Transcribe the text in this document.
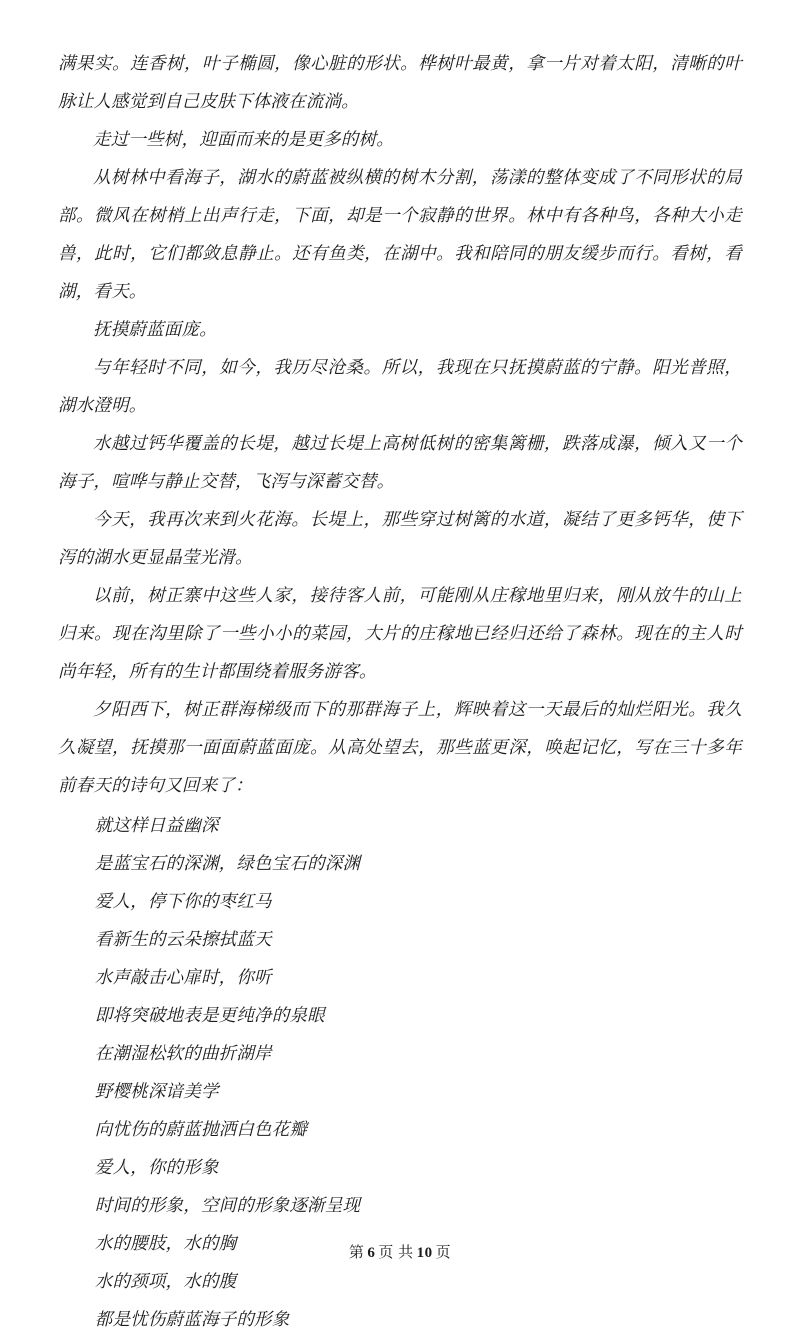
满果实。连香树，叶子椭圆，像心脏的形状。桦树叶最黄，拿一片对着太阳，清晰的叶脉让人感觉到自己皮肤下体液在流淌。

走过一些树，迎面而来的是更多的树。

从树林中看海子，湖水的蔚蓝被纵横的树木分割，荡漾的整体变成了不同形状的局部。微风在树梢上出声行走，下面，却是一个寂静的世界。林中有各种鸟，各种大小走兽，此时，它们都敛息静止。还有鱼类，在湖中。我和陪同的朋友缓步而行。看树，看湖，看天。

抚摸蔚蓝面庞。

与年轻时不同，如今，我历尽沧桑。所以，我现在只抚摸蔚蓝的宁静。阳光普照，湖水澄明。

水越过钙华覆盖的长堤，越过长堤上高树低树的密集篱栅，跌落成瀑，倾入又一个海子，喧哗与静止交替，飞泻与深蓄交替。

今天，我再次来到火花海。长堤上，那些穿过树篱的水道，凝结了更多钙华，使下泻的湖水更显晶莹光滑。

以前，树正寨中这些人家，接待客人前，可能刚从庄稼地里归来，刚从放牛的山上归来。现在沟里除了一些小小的菜园，大片的庄稼地已经归还给了森林。现在的主人时尚年轻，所有的生计都围绕着服务游客。

夕阳西下，树正群海梯级而下的那群海子上，辉映着这一天最后的灿烂阳光。我久久凝望，抚摸那一面面蔚蓝面庞。从高处望去，那些蓝更深，唤起记忆，写在三十多年前春天的诗句又回来了：

就这样日益幽深
是蓝宝石的深渊，绿色宝石的深渊
爱人，停下你的枣红马
看新生的云朵擦拭蓝天
水声敲击心扉时，你听
即将突破地表是更纯净的泉眼
在潮湿松软的曲折湖岸
野樱桃深谙美学
向忧伤的蔚蓝抛洒白色花瓣
爱人，你的形象
时间的形象，空间的形象逐渐呈现
水的腰肢，水的胸
水的颈项，水的腹
都是忧伤蔚蓝海子的形象
第 6 页 共 10 页
